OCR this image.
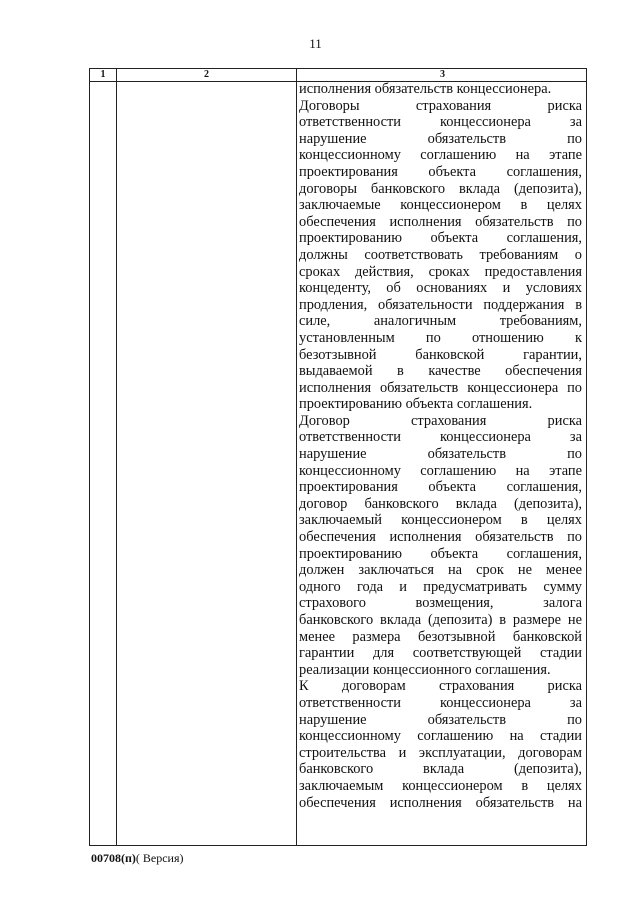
11
1	2	3
исполнения обязательств концессионера.
Договоры страхования риска
ответственности концессионера за
нарушение обязательств по
концессионному соглашению на этапе
проектирования объекта соглашения,
договоры банковского вклада (депозита),
заключаемые концессионером в целях
обеспечения исполнения обязательств по
проектированию объекта соглашения,
должны соответствовать требованиям о
сроках действия, сроках предоставления
концеденту, об основаниях и условиях
продления, обязательности поддержания в
силе, аналогичным требованиям,
установленным по отношению к
безотзывной банковской гарантии,
выдаваемой в качестве обеспечения
исполнения обязательств концессионера по
проектированию объекта соглашения.
Договор страхования риска
ответственности концессионера за
нарушение обязательств по
концессионному соглашению на этапе
проектирования объекта соглашения,
договор банковского вклада (депозита),
заключаемый концессионером в целях
обеспечения исполнения обязательств по
проектированию объекта соглашения,
должен заключаться на срок не менее
одного года и предусматривать сумму
страхового возмещения, залога
банковского вклада (депозита) в размере не
менее размера безотзывной банковской
гарантии для соответствующей стадии
реализации концессионного соглашения.
К договорам страхования риска
ответственности концессионера за
нарушение обязательств по
концессионному соглашению на стадии
строительства и эксплуатации, договорам
банковского вклада (депозита),
заключаемым концессионером в целях
обеспечения исполнения обязательств на
00708(п)( Версия)
